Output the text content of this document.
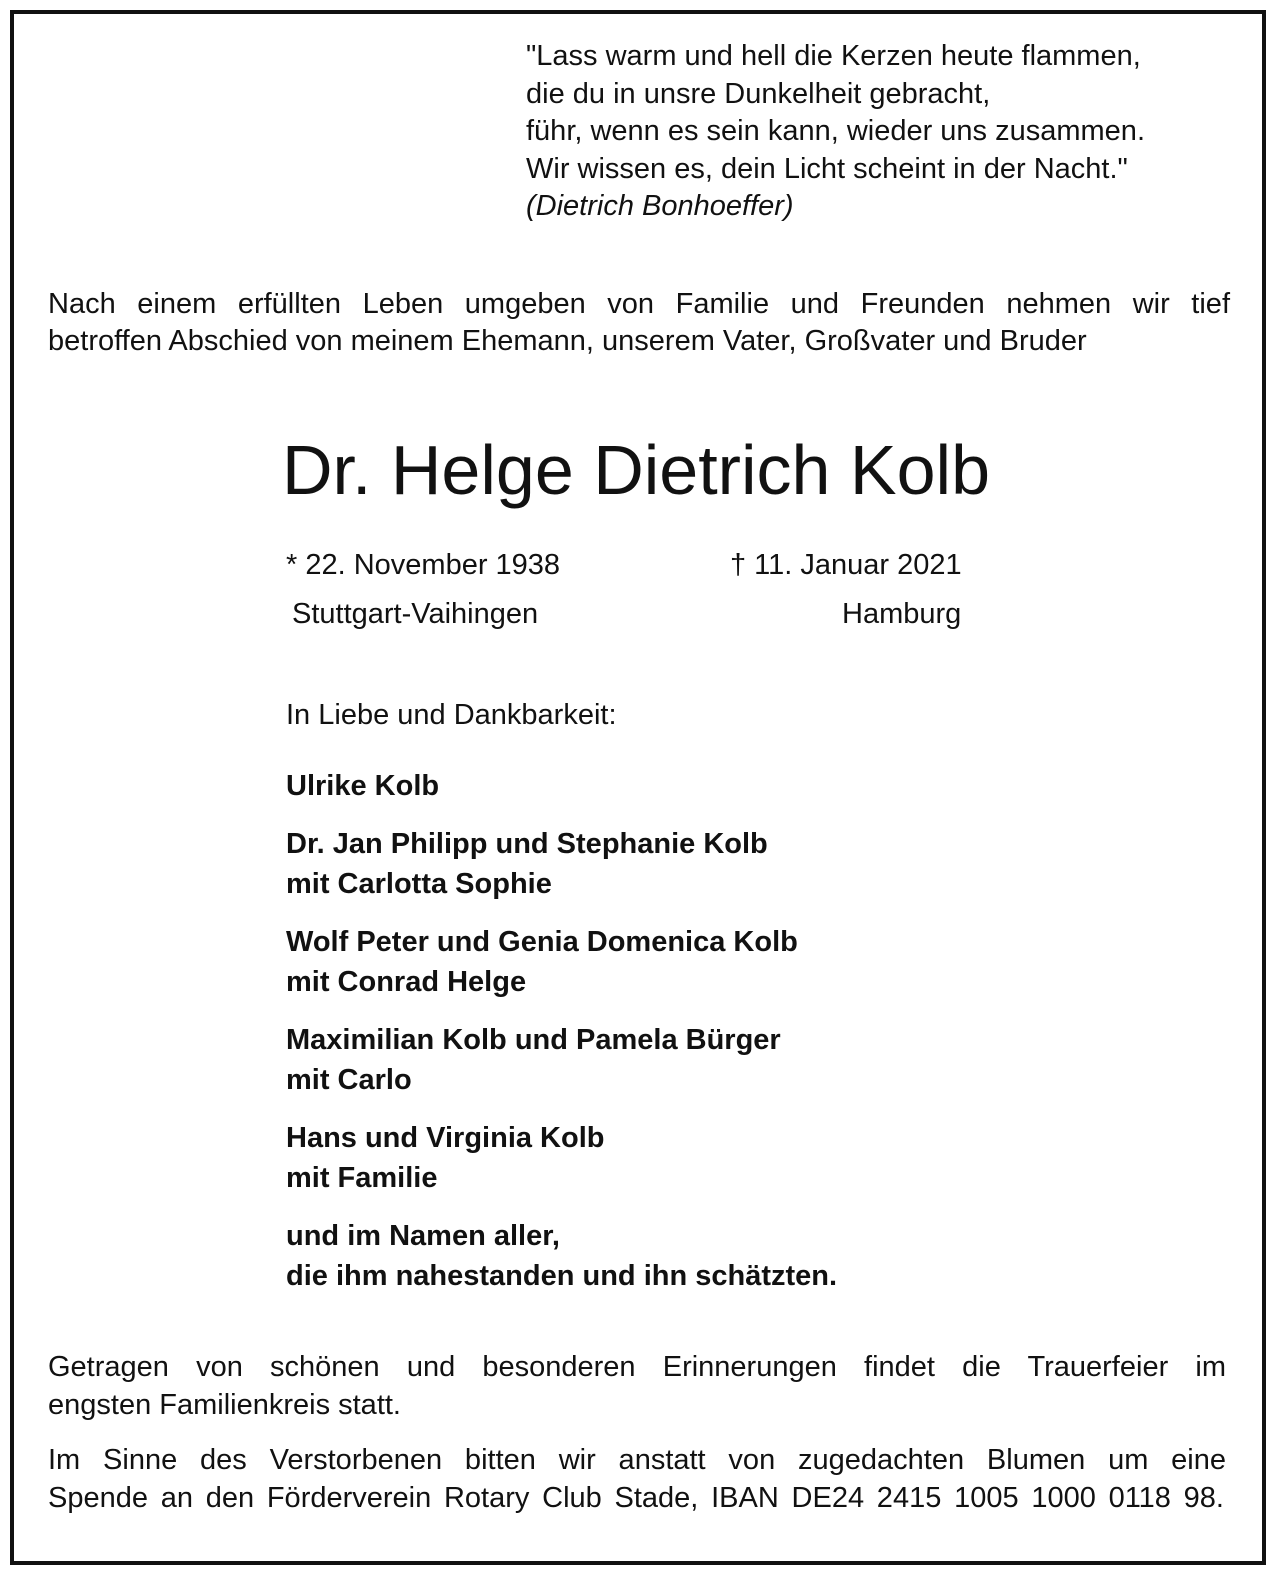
"Lass warm und hell die Kerzen heute flammen,
die du in unsre Dunkelheit gebracht,
führ, wenn es sein kann, wieder uns zusammen.
Wir wissen es, dein Licht scheint in der Nacht."
(Dietrich Bonhoeffer)
Nach einem erfüllten Leben umgeben von Familie und Freunden nehmen wir tief
betroffen Abschied von meinem Ehemann, unserem Vater, Großvater und Bruder
Dr. Helge Dietrich Kolb
* 22. November 1938
Stuttgart-Vaihingen
† 11. Januar 2021
Hamburg
In Liebe und Dankbarkeit:
Ulrike Kolb
Dr. Jan Philipp und Stephanie Kolb
mit Carlotta Sophie
Wolf Peter und Genia Domenica Kolb
mit Conrad Helge
Maximilian Kolb und Pamela Bürger
mit Carlo
Hans und Virginia Kolb
mit Familie
und im Namen aller,
die ihm nahestanden und ihn schätzten.
Getragen von schönen und besonderen Erinnerungen findet die Trauerfeier im
engsten Familienkreis statt.
Im Sinne des Verstorbenen bitten wir anstatt von zugedachten Blumen um eine
Spende an den Förderverein Rotary Club Stade, IBAN DE24 2415 1005 1000 0118 98.
